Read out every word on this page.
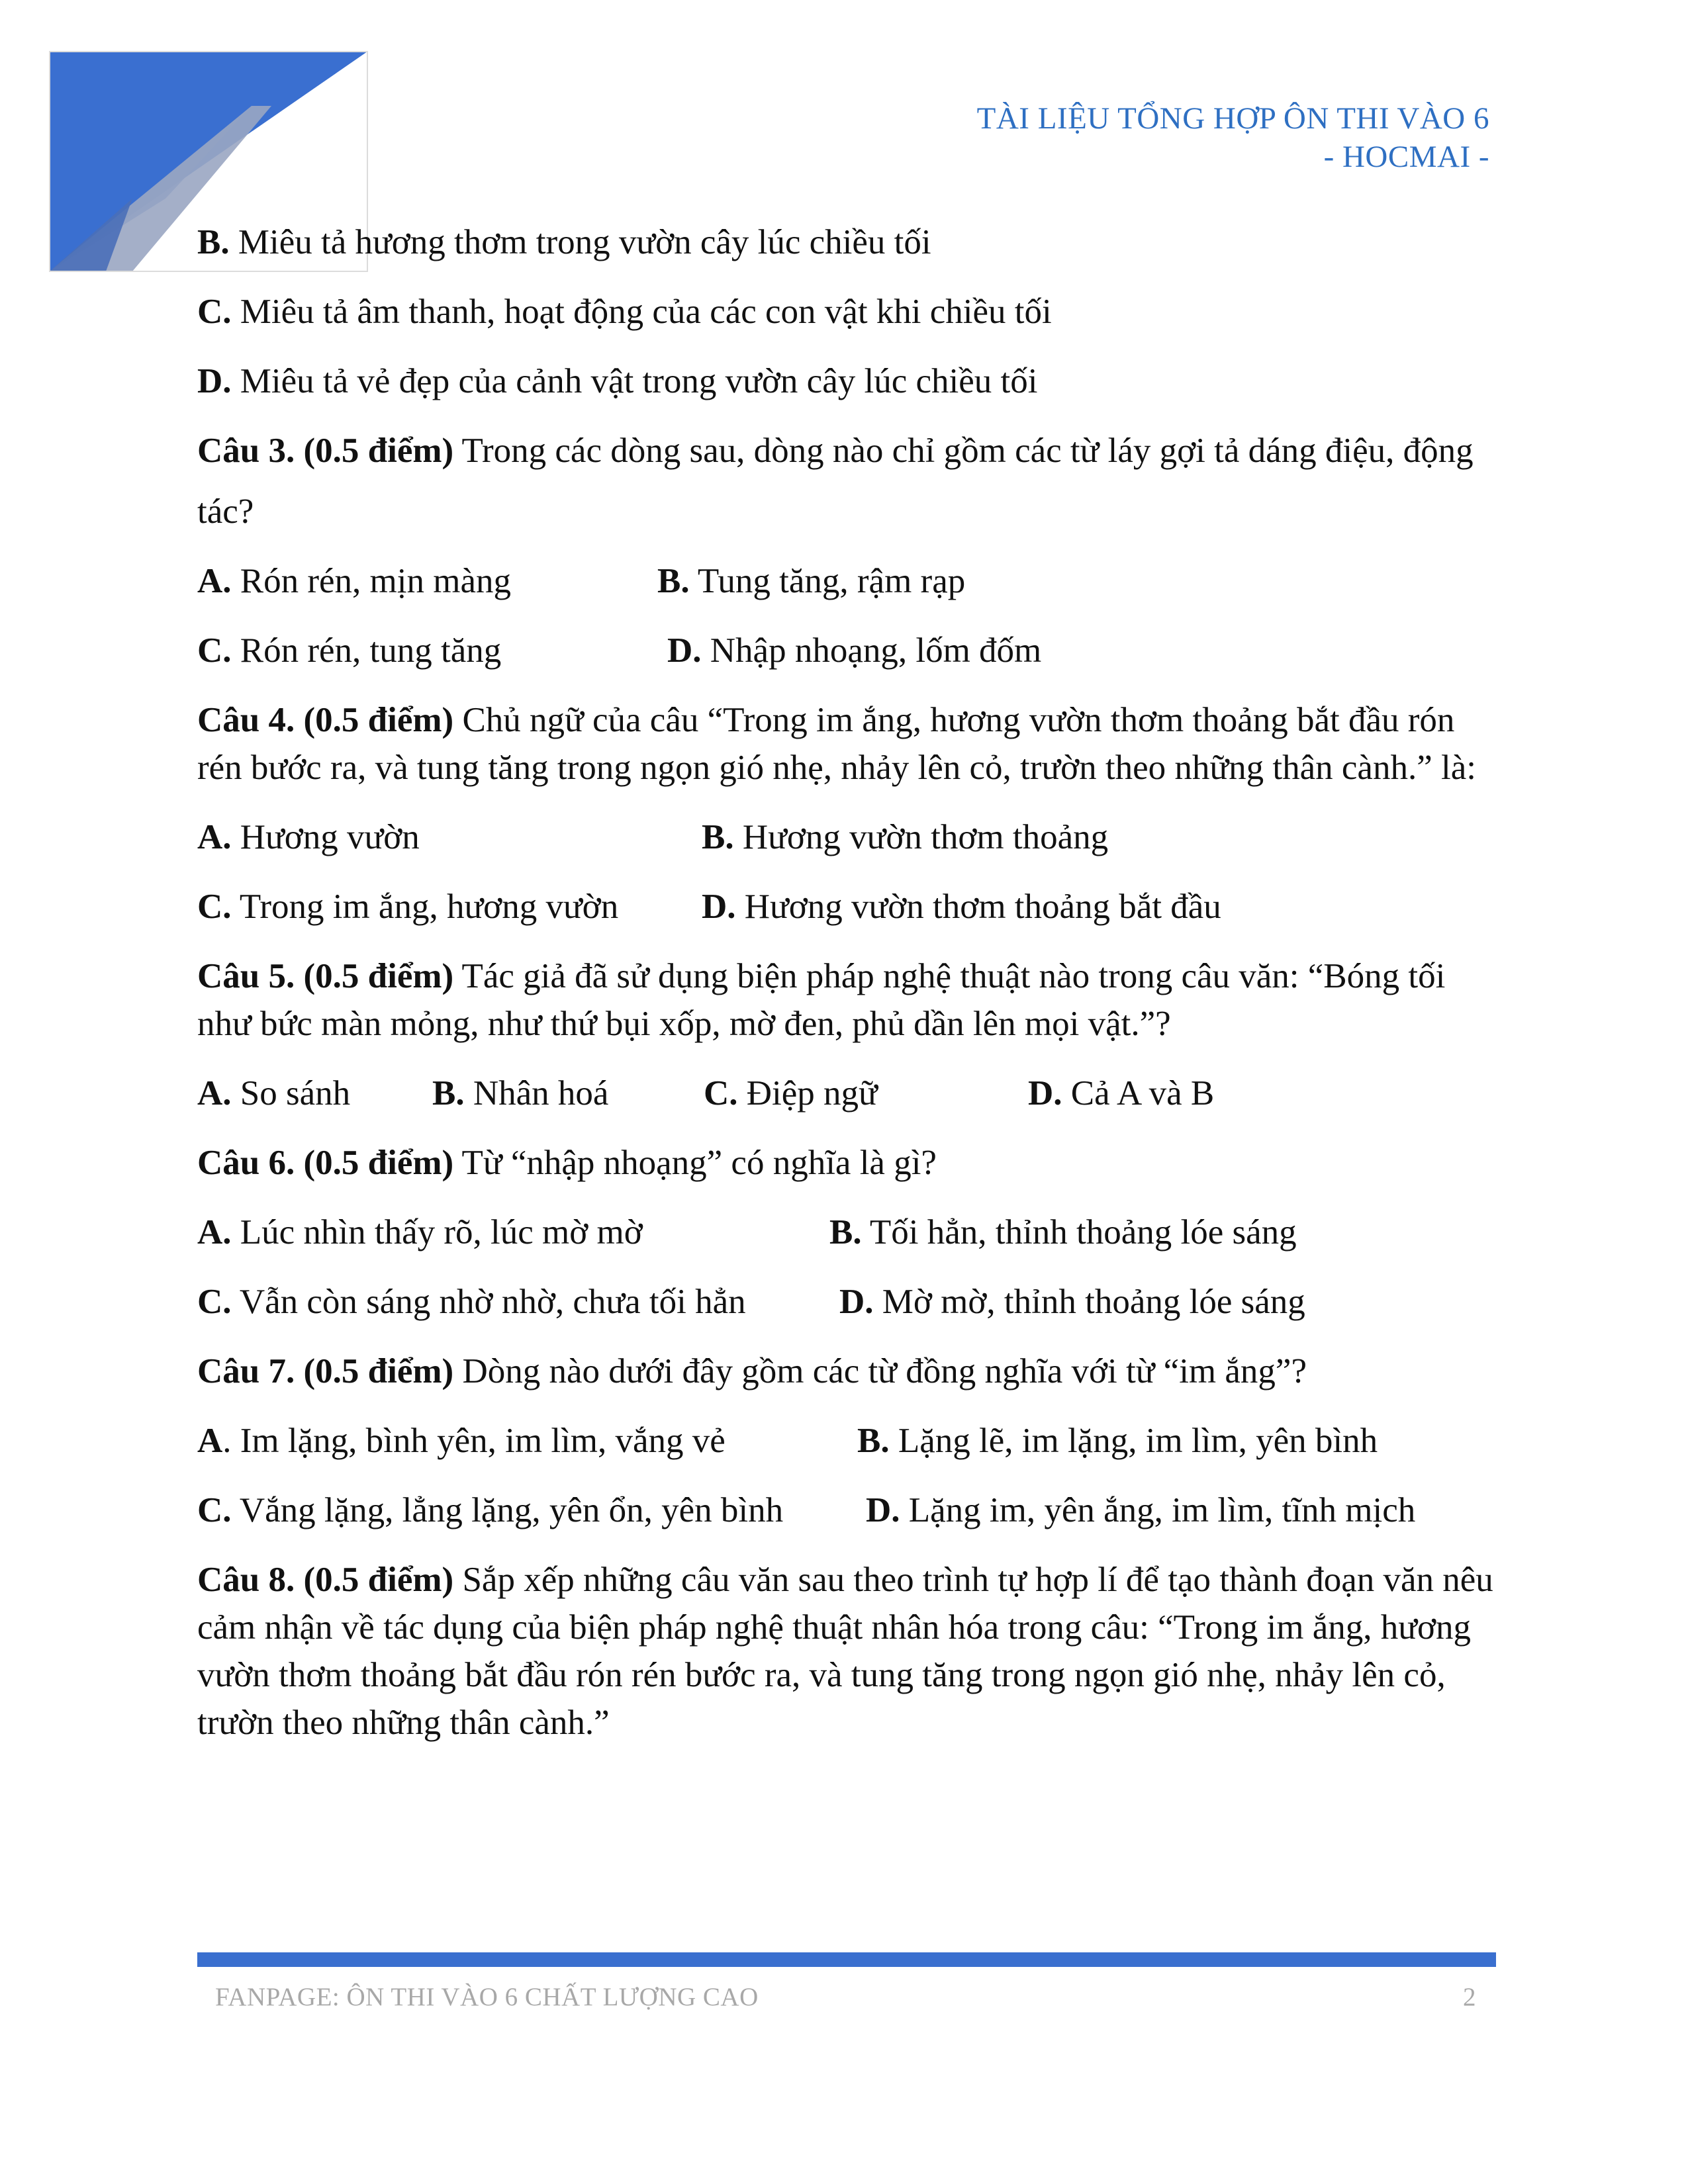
TÀI LIỆU TỔNG HỢP ÔN THI VÀO 6
- HOCMAI -
B. Miêu tả hương thơm trong vườn cây lúc chiều tối
C. Miêu tả âm thanh, hoạt động của các con vật khi chiều tối
D. Miêu tả vẻ đẹp của cảnh vật trong vườn cây lúc chiều tối
Câu 3. (0.5 điểm) Trong các dòng sau, dòng nào chỉ gồm các từ láy gợi tả dáng điệu, động
tác?
A. Rón rén, mịn màng	B. Tung tăng, rậm rạp
C. Rón rén, tung tăng	D. Nhập nhoạng, lốm đốm
Câu 4. (0.5 điểm) Chủ ngữ của câu “Trong im ắng, hương vườn thơm thoảng bắt đầu rón rén bước ra, và tung tăng trong ngọn gió nhẹ, nhảy lên cỏ, trườn theo những thân cành.” là:
A. Hương vườn	B. Hương vườn thơm thoảng
C. Trong im ắng, hương vườn	D. Hương vườn thơm thoảng bắt đầu
Câu 5. (0.5 điểm) Tác giả đã sử dụng biện pháp nghệ thuật nào trong câu văn: “Bóng tối như bức màn mỏng, như thứ bụi xốp, mờ đen, phủ dần lên mọi vật.”?
A. So sánh	B. Nhân hoá	C. Điệp ngữ	D. Cả A và B
Câu 6. (0.5 điểm) Từ “nhập nhoạng” có nghĩa là gì?
A. Lúc nhìn thấy rõ, lúc mờ mờ	B. Tối hẳn, thỉnh thoảng lóe sáng
C. Vẫn còn sáng nhờ nhờ, chưa tối hẳn	D. Mờ mờ, thỉnh thoảng lóe sáng
Câu 7. (0.5 điểm) Dòng nào dưới đây gồm các từ đồng nghĩa với từ “im ắng”?
A. Im lặng, bình yên, im lìm, vắng vẻ	B. Lặng lẽ, im lặng, im lìm, yên bình
C. Vắng lặng, lẳng lặng, yên ổn, yên bình	D. Lặng im, yên ắng, im lìm, tĩnh mịch
Câu 8. (0.5 điểm) Sắp xếp những câu văn sau theo trình tự hợp lí để tạo thành đoạn văn nêu cảm nhận về tác dụng của biện pháp nghệ thuật nhân hóa trong câu: “Trong im ắng, hương vườn thơm thoảng bắt đầu rón rén bước ra, và tung tăng trong ngọn gió nhẹ, nhảy lên cỏ, trườn theo những thân cành.”
FANPAGE: ÔN THI VÀO 6 CHẤT LƯỢNG CAO	2
